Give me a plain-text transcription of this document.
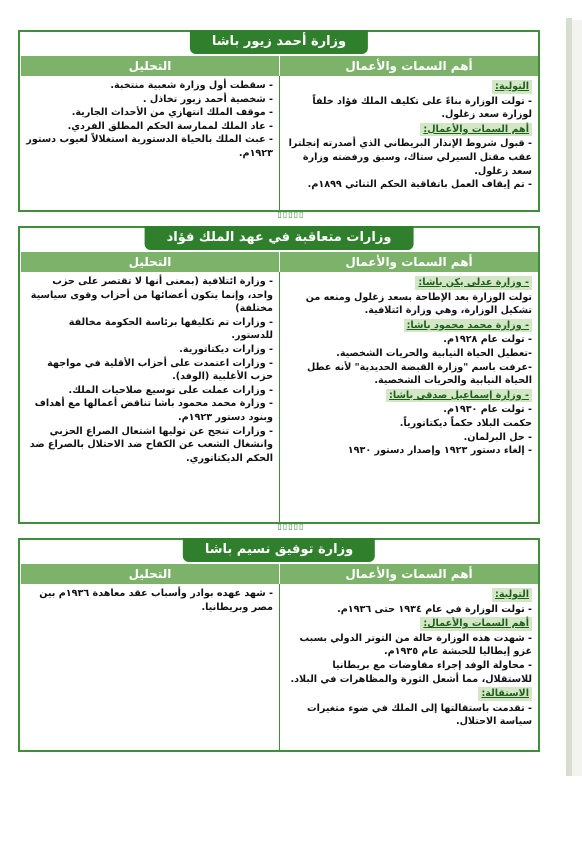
وزارة أحمد زيور باشا
أهم السمات والأعمال
التحليل
التولية:
- تولت الوزارة بناءً على تكليف الملك فؤاد خلفاً لوزارة سعد زغلول.
أهم السمات والأعمال:
- قبول شروط الإنذار البريطاني الذي أصدرته إنجلترا عقب مقتل السيرلي ستاك، وسبق ورفضته وزارة سعد زغلول.
- تم إيقاف العمل باتفاقية الحكم الثنائي ١٨٩٩م.
- سقطت أول وزارة شعبية منتخبة.
- شخصية أحمد زيور تخاذل .
- موقف الملك انتهازي من الأحداث الجارية.
- عاد الملك لممارسة الحكم المطلق الفردي.
- عبث الملك بالحياة الدستورية استغلالاً لعيوب دستور ١٩٢٣م.
▯▯▯▯▯
وزارات متعاقبة في عهد الملك فؤاد
أهم السمات والأعمال
التحليل
- وزارة عدلي يكن باشا:
تولت الوزارة بعد الإطاحة بسعد زغلول ومنعه من تشكيل الوزارة، وهي وزارة ائتلافية.
- وزارة محمد محمود باشا:
- تولت عام ١٩٢٨م.
-تعطيل الحياة النيابية والحريات الشخصية.
-عرفت باسم "وزارة القبضة الحديدية" لأنه عطل الحياة النيابية والحريات الشخصية.
- وزارة إسماعيل صدقي باشا:
- تولت عام ١٩٣٠م.
حكمت البلاد حكماً ديكتاتورياً.
- حل البرلمان.
- إلغاء دستور ١٩٢٣ وإصدار دستور ١٩٣٠
- وزارة ائتلافية (بمعنى أنها لا تقتصر على حزب واحد، وإنما يتكون أعضائها من أحزاب وقوى سياسية مختلفة)
- وزارات تم تكليفها برئاسة الحكومة مخالفة للدستور.
- وزارات ديكتاتورية.
- وزارات اعتمدت على أحزاب الأقلية في مواجهة حزب الأغلبية (الوفد).
- وزارات عملت على توسيع صلاحيات الملك.
- وزارة محمد محمود باشا تناقض أعمالها مع أهداف وبنود دستور ١٩٢٣م.
- وزارات تنجح عن توليها اشتعال الصراع الحزبي وانشغال الشعب عن الكفاح ضد الاحتلال بالصراع ضد الحكم الديكتاتوري.
▯▯▯▯▯
وزارة توفيق نسيم باشا
أهم السمات والأعمال
التحليل
التولية:
- تولت الوزارة في عام ١٩٣٤ حتى ١٩٣٦م.
أهم السمات والأعمال:
- شهدت هذه الوزارة حالة من التوتر الدولي بسبب غزو إيطاليا للحبشة عام ١٩٣٥م.
- محاولة الوفد إجراء مفاوضات مع بريطانيا للاستقلال، مما أشعل الثورة والمظاهرات في البلاد.
الاستقالة:
- تقدمت باستقالتها إلى الملك في ضوء متغيرات سياسة الاحتلال.
- شهد عهده بوادر وأسباب عقد معاهدة ١٩٣٦م بين مصر وبريطانيا.
